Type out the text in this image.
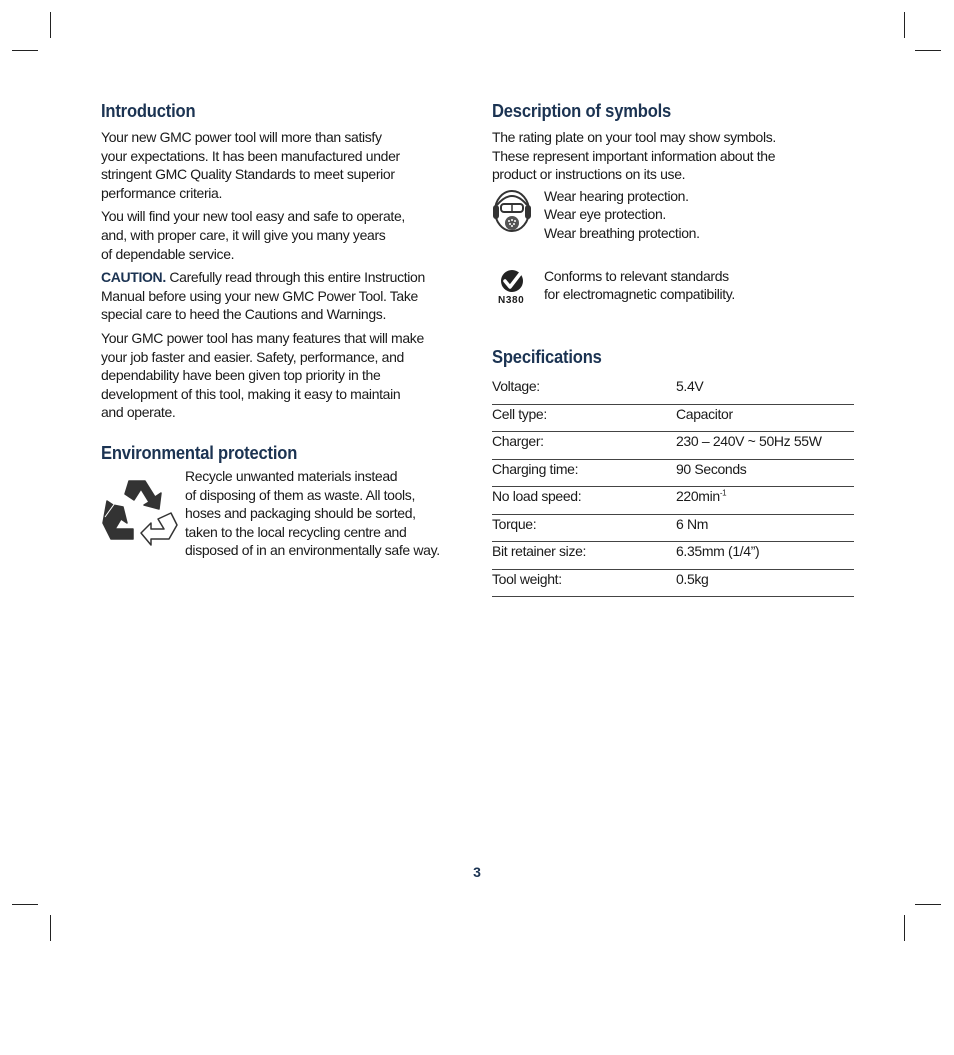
Introduction

Your new GMC power tool will more than satisfy
your expectations. It has been manufactured under
stringent GMC Quality Standards to meet superior
performance criteria.

You will find your new tool easy and safe to operate,
and, with proper care, it will give you many years
of dependable service.

CAUTION. Carefully read through this entire Instruction
Manual before using your new GMC Power Tool. Take
special care to heed the Cautions and Warnings.

Your GMC power tool has many features that will make
your job faster and easier. Safety, performance, and
dependability have been given top priority in the
development of this tool, making it easy to maintain
and operate.

Environmental protection

Recycle unwanted materials instead
of disposing of them as waste. All tools,
hoses and packaging should be sorted,
taken to the local recycling centre and
disposed of in an environmentally safe way.

Description of symbols

The rating plate on your tool may show symbols.
These represent important information about the
product or instructions on its use.

Wear hearing protection.
Wear eye protection.
Wear breathing protection.

N380

Conforms to relevant standards
for electromagnetic compatibility.

Specifications
Voltage:	5.4V
Cell type:	Capacitor
Charger:	230 – 240V ~ 50Hz 55W
Charging time:	90 Seconds
No load speed:	$220\min^{-1}$
Torque:	6 Nm
Bit retainer size:	6.35mm (1/4”)
Tool weight:	0.5kg
3
